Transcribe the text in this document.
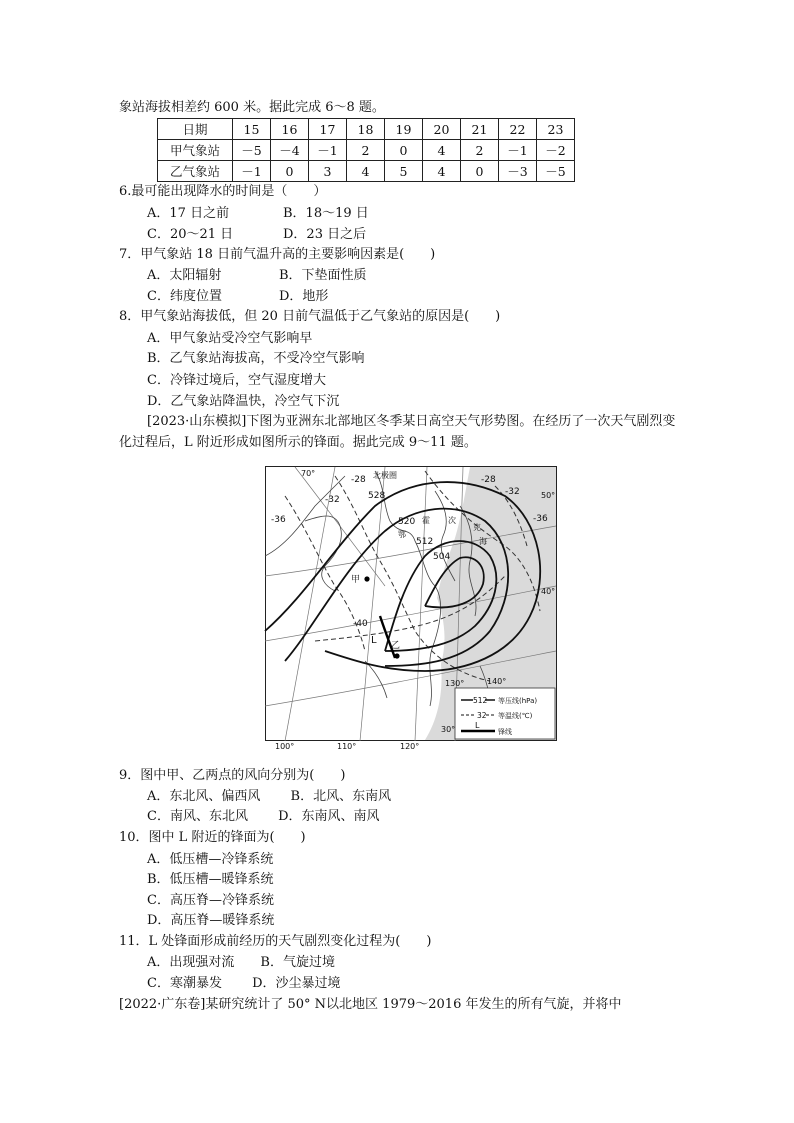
象站海拔相差约 600 米。据此完成 6～8 题。
日期	15	16	17	18	19	20	21	22	23
甲气象站	－5	－4	－1	2	0	4	2	－1	－2
乙气象站	－1	0	3	4	5	4	0	－3	－5
6.最可能出现降水的时间是（　　）
A．17 日之前	B．18～19 日
C．20～21 日	D．23 日之后
7．甲气象站 18 日前气温升高的主要影响因素是(　　)
A．太阳辐射	B．下垫面性质
C．纬度位置	D．地形
8．甲气象站海拔低，但 20 日前气温低于乙气象站的原因是(　　)
A．甲气象站受冷空气影响早
B．乙气象站海拔高，不受冷空气影响
C．冷锋过境后，空气湿度增大
D．乙气象站降温快，冷空气下沉
[2023·山东模拟]下图为亚洲东北部地区冬季某日高空天气形势图。在经历了一次天气剧烈变化过程后，L 附近形成如图所示的锋面。据此完成 9～11 题。
甲
乙
L
528
520
512
504
-28
-32
-36
-32
-36
-28
-40
70°
50°
40°
30°
100°	110°	120°
130°	140°
北极圈
鄂
霍 次
克
海
512
32
L
等压线(hPa)
等温线(℃)
锋线
9．图中甲、乙两点的风向分别为(　　)
A．东北风、偏西风　　 B．北风、东南风
C．南风、东北风　　 D．东南风、南风
10．图中 L 附近的锋面为(　　)
A．低压槽—冷锋系统
B．低压槽—暖锋系统
C．高压脊—冷锋系统
D．高压脊—暖锋系统
11．L 处锋面形成前经历的天气剧烈变化过程为(　　)
A．出现强对流　　B．气旋过境
C．寒潮暴发　　 D．沙尘暴过境
[2022·广东卷]某研究统计了 50° N以北地区 1979～2016 年发生的所有气旋，并将中
